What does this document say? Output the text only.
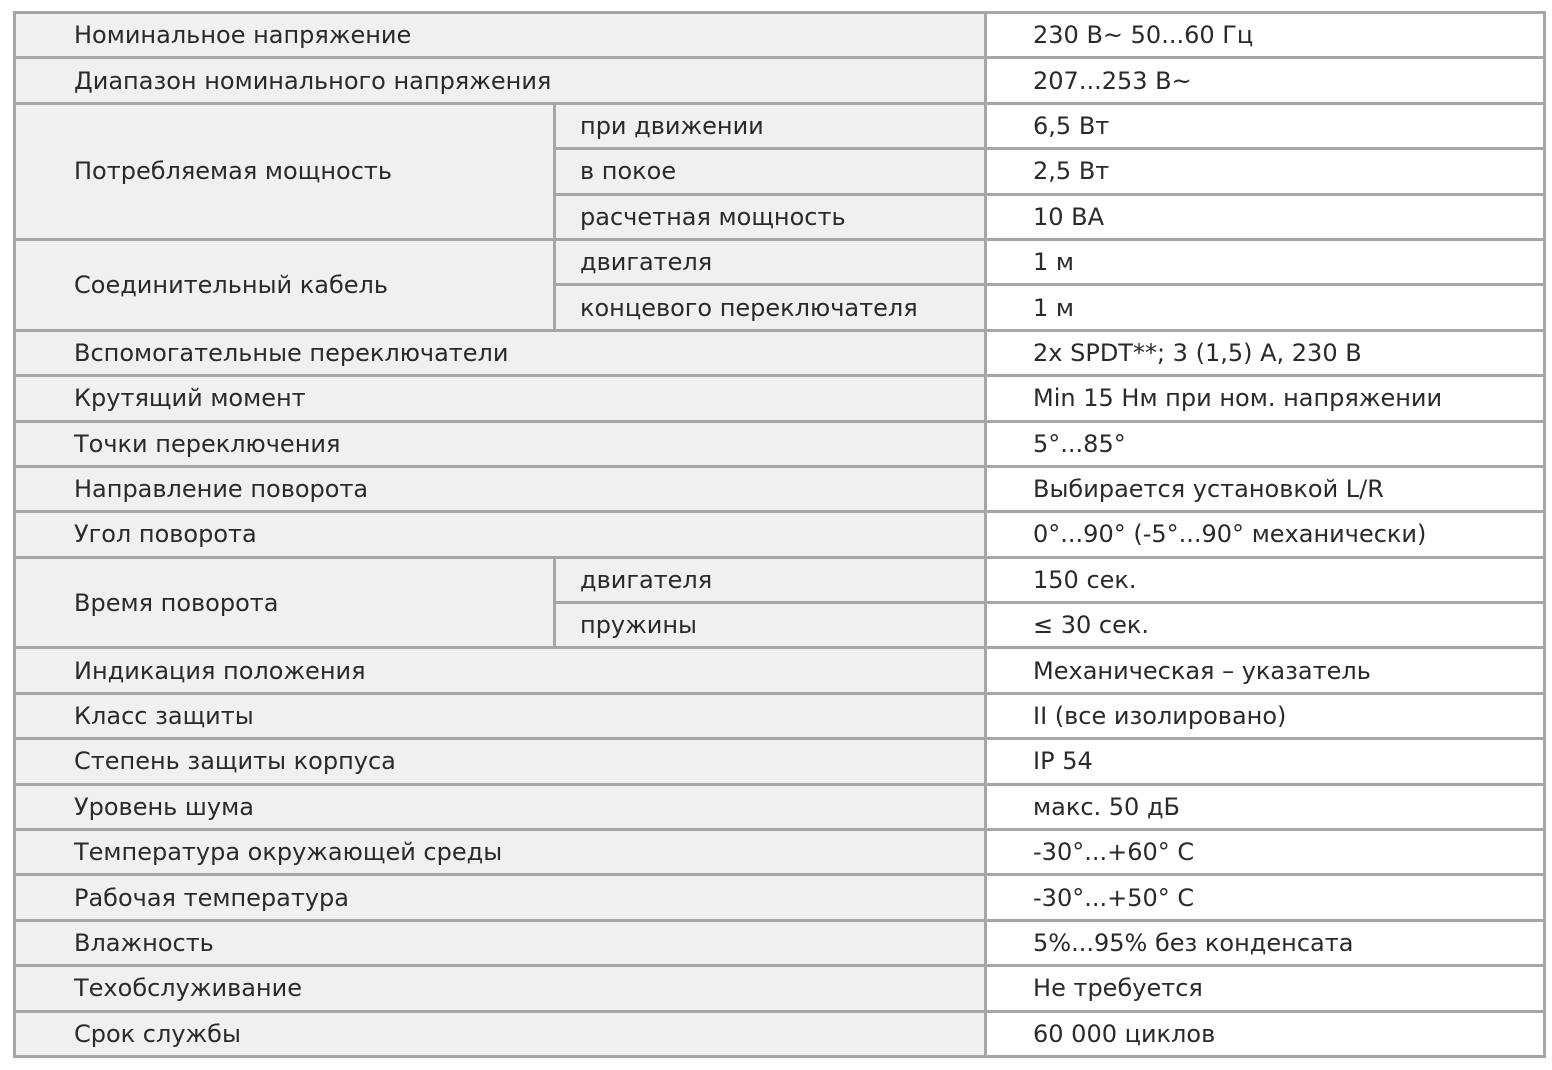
Номинальное напряжение		230 В~ 50...60 Гц
Диапазон номинального напряжения		207...253 В~
Потребляемая мощность	при движении	6,5 Вт
	в покое	2,5 Вт
	расчетная мощность	10 ВА
Соединительный кабель	двигателя	1 м
	концевого переключателя	1 м
Вспомогательные переключатели		2x SPDT**; 3 (1,5) А, 230 В
Крутящий момент		Min 15 Нм при ном. напряжении
Точки переключения		5°...85°
Направление поворота		Выбирается установкой L/R
Угол поворота		0°...90° (-5°...90° механически)
Время поворота	двигателя	150 сек.
	пружины	≤ 30 сек.
Индикация положения		Механическая – указатель
Класс защиты		II (все изолировано)
Степень защиты корпуса		IP 54
Уровень шума		макс. 50 дБ
Температура окружающей среды		-30°...+60° С
Рабочая температура		-30°...+50° С
Влажность		5%...95% без конденсата
Техобслуживание		Не требуется
Срок службы		60 000 циклов
